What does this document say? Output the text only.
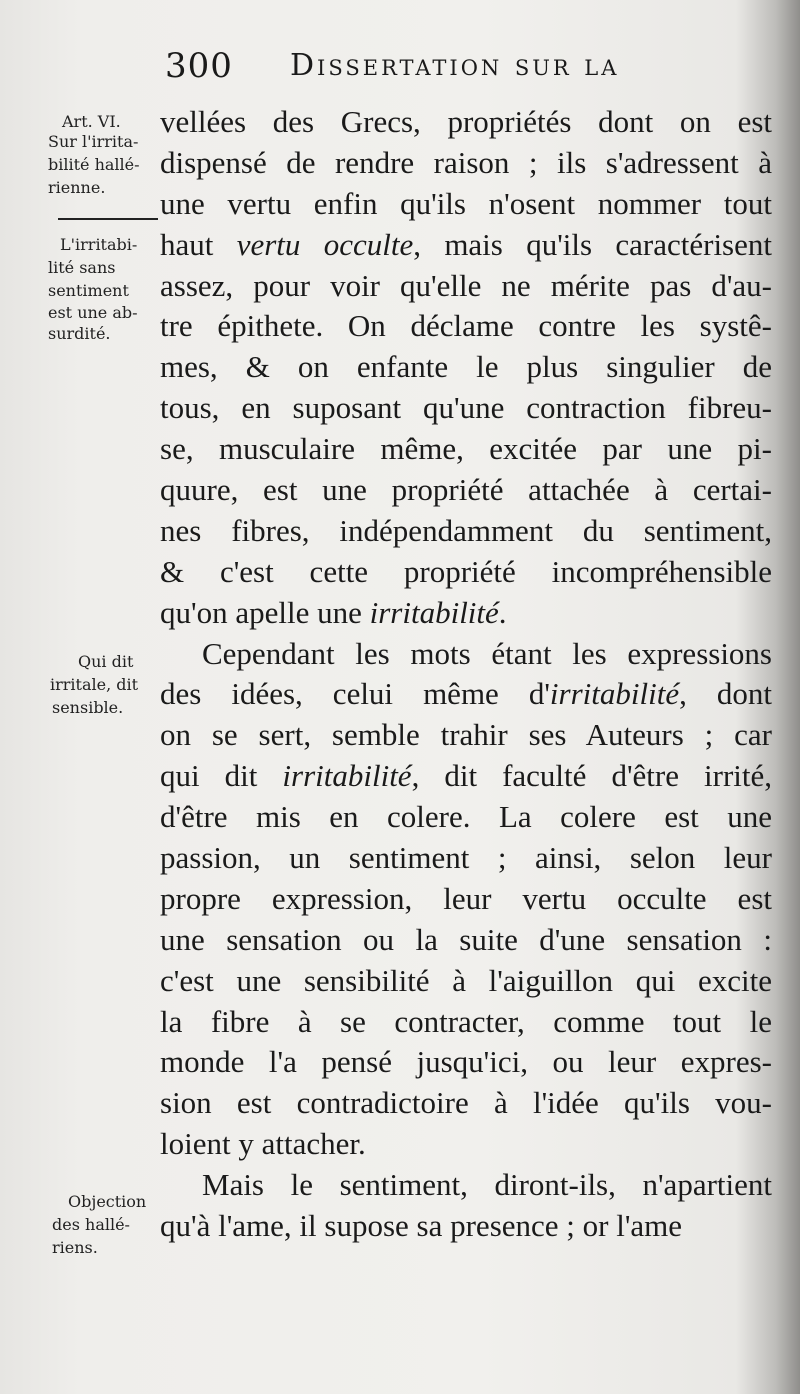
300 Dissertation sur la
Art. VI.
Sur l'irrita-
bilité hallé-
rienne.
L'irritabi-
lité sans
sentiment
est une ab-
surdité.
Qui dit
irritale, dit
sensible.
Objection
des hallé-
riens.
vellées des Grecs, propriétés dont on est
dispensé de rendre raison ; ils s'adressent à
une vertu enfin qu'ils n'osent nommer tout
haut vertu occulte, mais qu'ils caractérisent
assez, pour voir qu'elle ne mérite pas d'au-
tre épithete. On déclame contre les systê-
mes, & on enfante le plus singulier de
tous, en suposant qu'une contraction fibreu-
se, musculaire même, excitée par une pi-
quure, est une propriété attachée à certai-
nes fibres, indépendamment du sentiment,
& c'est cette propriété incompréhensible
qu'on apelle une irritabilité.
Cependant les mots étant les expressions
des idées, celui même d'irritabilité, dont
on se sert, semble trahir ses Auteurs ; car
qui dit irritabilité, dit faculté d'être irrité,
d'être mis en colere. La colere est une
passion, un sentiment ; ainsi, selon leur
propre expression, leur vertu occulte est
une sensation ou la suite d'une sensation :
c'est une sensibilité à l'aiguillon qui excite
la fibre à se contracter, comme tout le
monde l'a pensé jusqu'ici, ou leur expres-
sion est contradictoire à l'idée qu'ils vou-
loient y attacher.
Mais le sentiment, diront-ils, n'apartient
qu'à l'ame, il supose sa presence ; or l'ame
